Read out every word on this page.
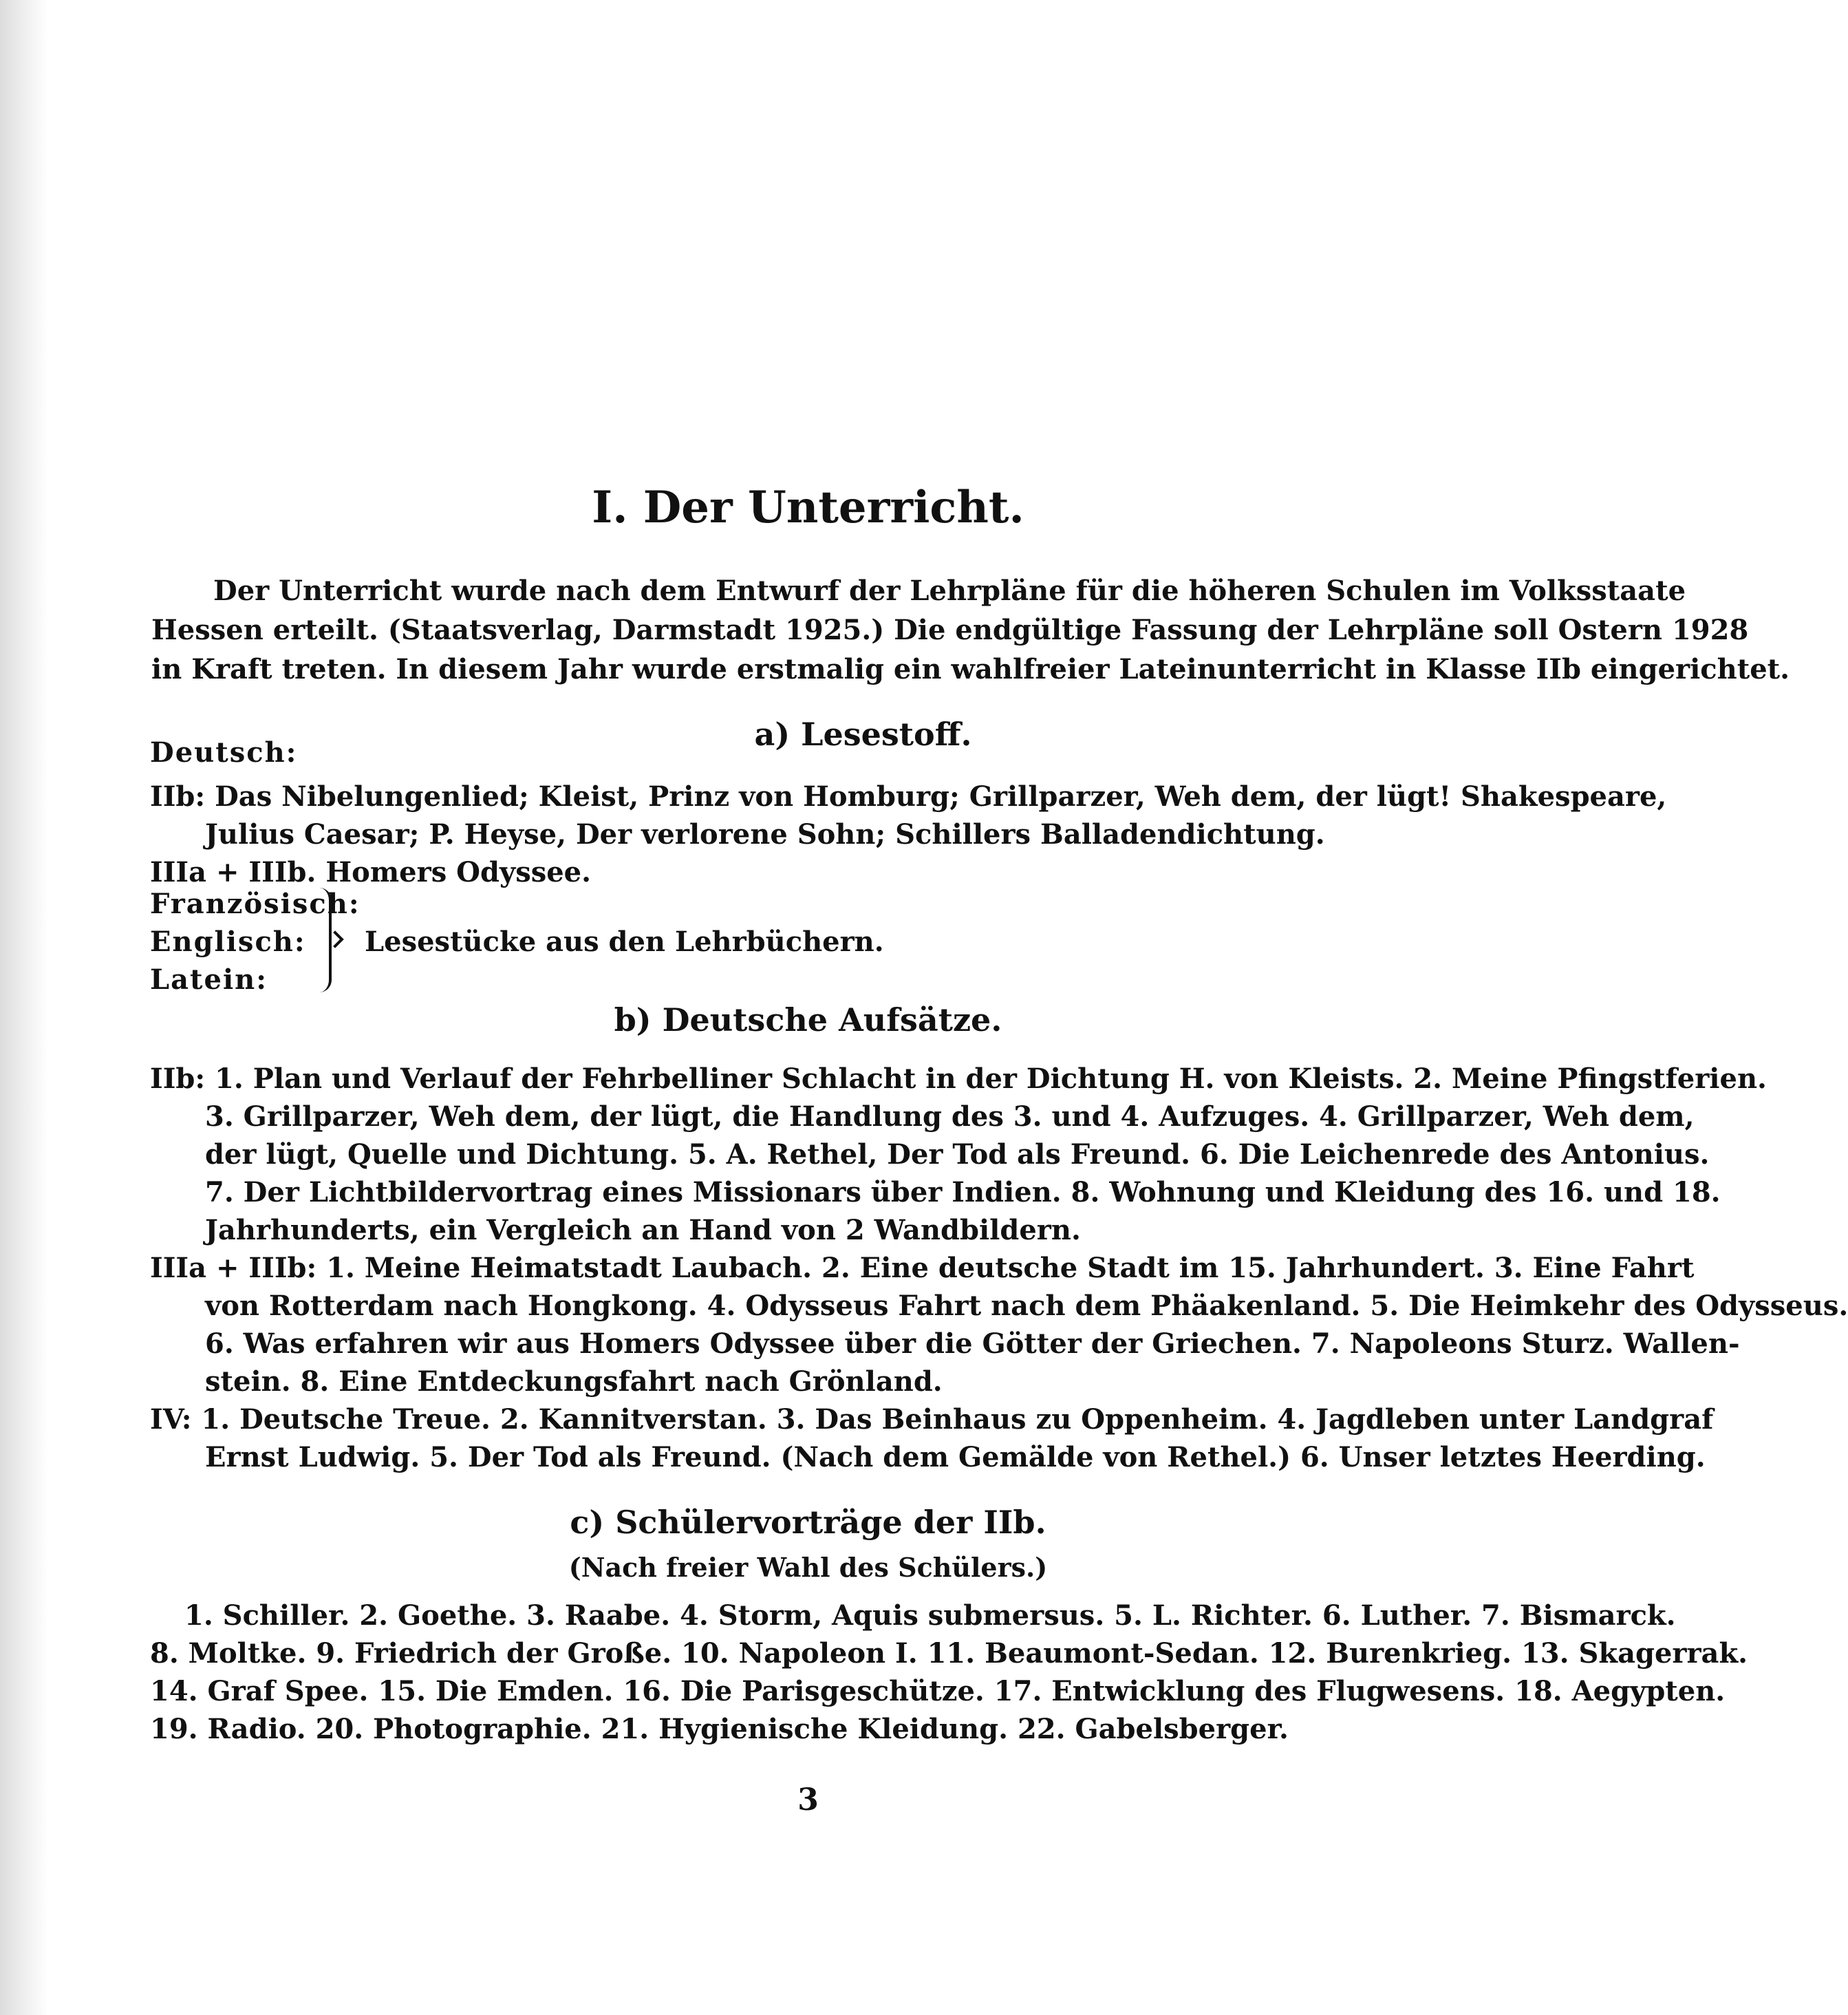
I. Der Unterricht.
Der Unterricht wurde nach dem Entwurf der Lehrpläne für die höheren Schulen im Volksstaate
Hessen erteilt. (Staatsverlag, Darmstadt 1925.) Die endgültige Fassung der Lehrpläne soll Ostern 1928
in Kraft treten. In diesem Jahr wurde erstmalig ein wahlfreier Lateinunterricht in Klasse IIb eingerichtet.
a) Lesestoff.
Deutsch:
IIb: Das Nibelungenlied; Kleist, Prinz von Homburg; Grillparzer, Weh dem, der lügt! Shakespeare,
Julius Caesar; P. Heyse, Der verlorene Sohn; Schillers Balladendichtung.
IIIa + IIIb. Homers Odyssee.
Französisch:
Englisch:
Latein:
Lesestücke aus den Lehrbüchern.
b) Deutsche Aufsätze.
IIb: 1. Plan und Verlauf der Fehrbelliner Schlacht in der Dichtung H. von Kleists. 2. Meine Pfingstferien.
3. Grillparzer, Weh dem, der lügt, die Handlung des 3. und 4. Aufzuges. 4. Grillparzer, Weh dem,
der lügt, Quelle und Dichtung. 5. A. Rethel, Der Tod als Freund. 6. Die Leichenrede des Antonius.
7. Der Lichtbildervortrag eines Missionars über Indien. 8. Wohnung und Kleidung des 16. und 18.
Jahrhunderts, ein Vergleich an Hand von 2 Wandbildern.
IIIa + IIIb: 1. Meine Heimatstadt Laubach. 2. Eine deutsche Stadt im 15. Jahrhundert. 3. Eine Fahrt
von Rotterdam nach Hongkong. 4. Odysseus Fahrt nach dem Phäakenland. 5. Die Heimkehr des Odysseus.
6. Was erfahren wir aus Homers Odyssee über die Götter der Griechen. 7. Napoleons Sturz. Wallen-
stein. 8. Eine Entdeckungsfahrt nach Grönland.
IV: 1. Deutsche Treue. 2. Kannitverstan. 3. Das Beinhaus zu Oppenheim. 4. Jagdleben unter Landgraf
Ernst Ludwig. 5. Der Tod als Freund. (Nach dem Gemälde von Rethel.) 6. Unser letztes Heerding.
c) Schülervorträge der IIb.
(Nach freier Wahl des Schülers.)
1. Schiller. 2. Goethe. 3. Raabe. 4. Storm, Aquis submersus. 5. L. Richter. 6. Luther. 7. Bismarck.
8. Moltke. 9. Friedrich der Große. 10. Napoleon I. 11. Beaumont-Sedan. 12. Burenkrieg. 13. Skagerrak.
14. Graf Spee. 15. Die Emden. 16. Die Parisgeschütze. 17. Entwicklung des Flugwesens. 18. Aegypten.
19. Radio. 20. Photographie. 21. Hygienische Kleidung. 22. Gabelsberger.
3
